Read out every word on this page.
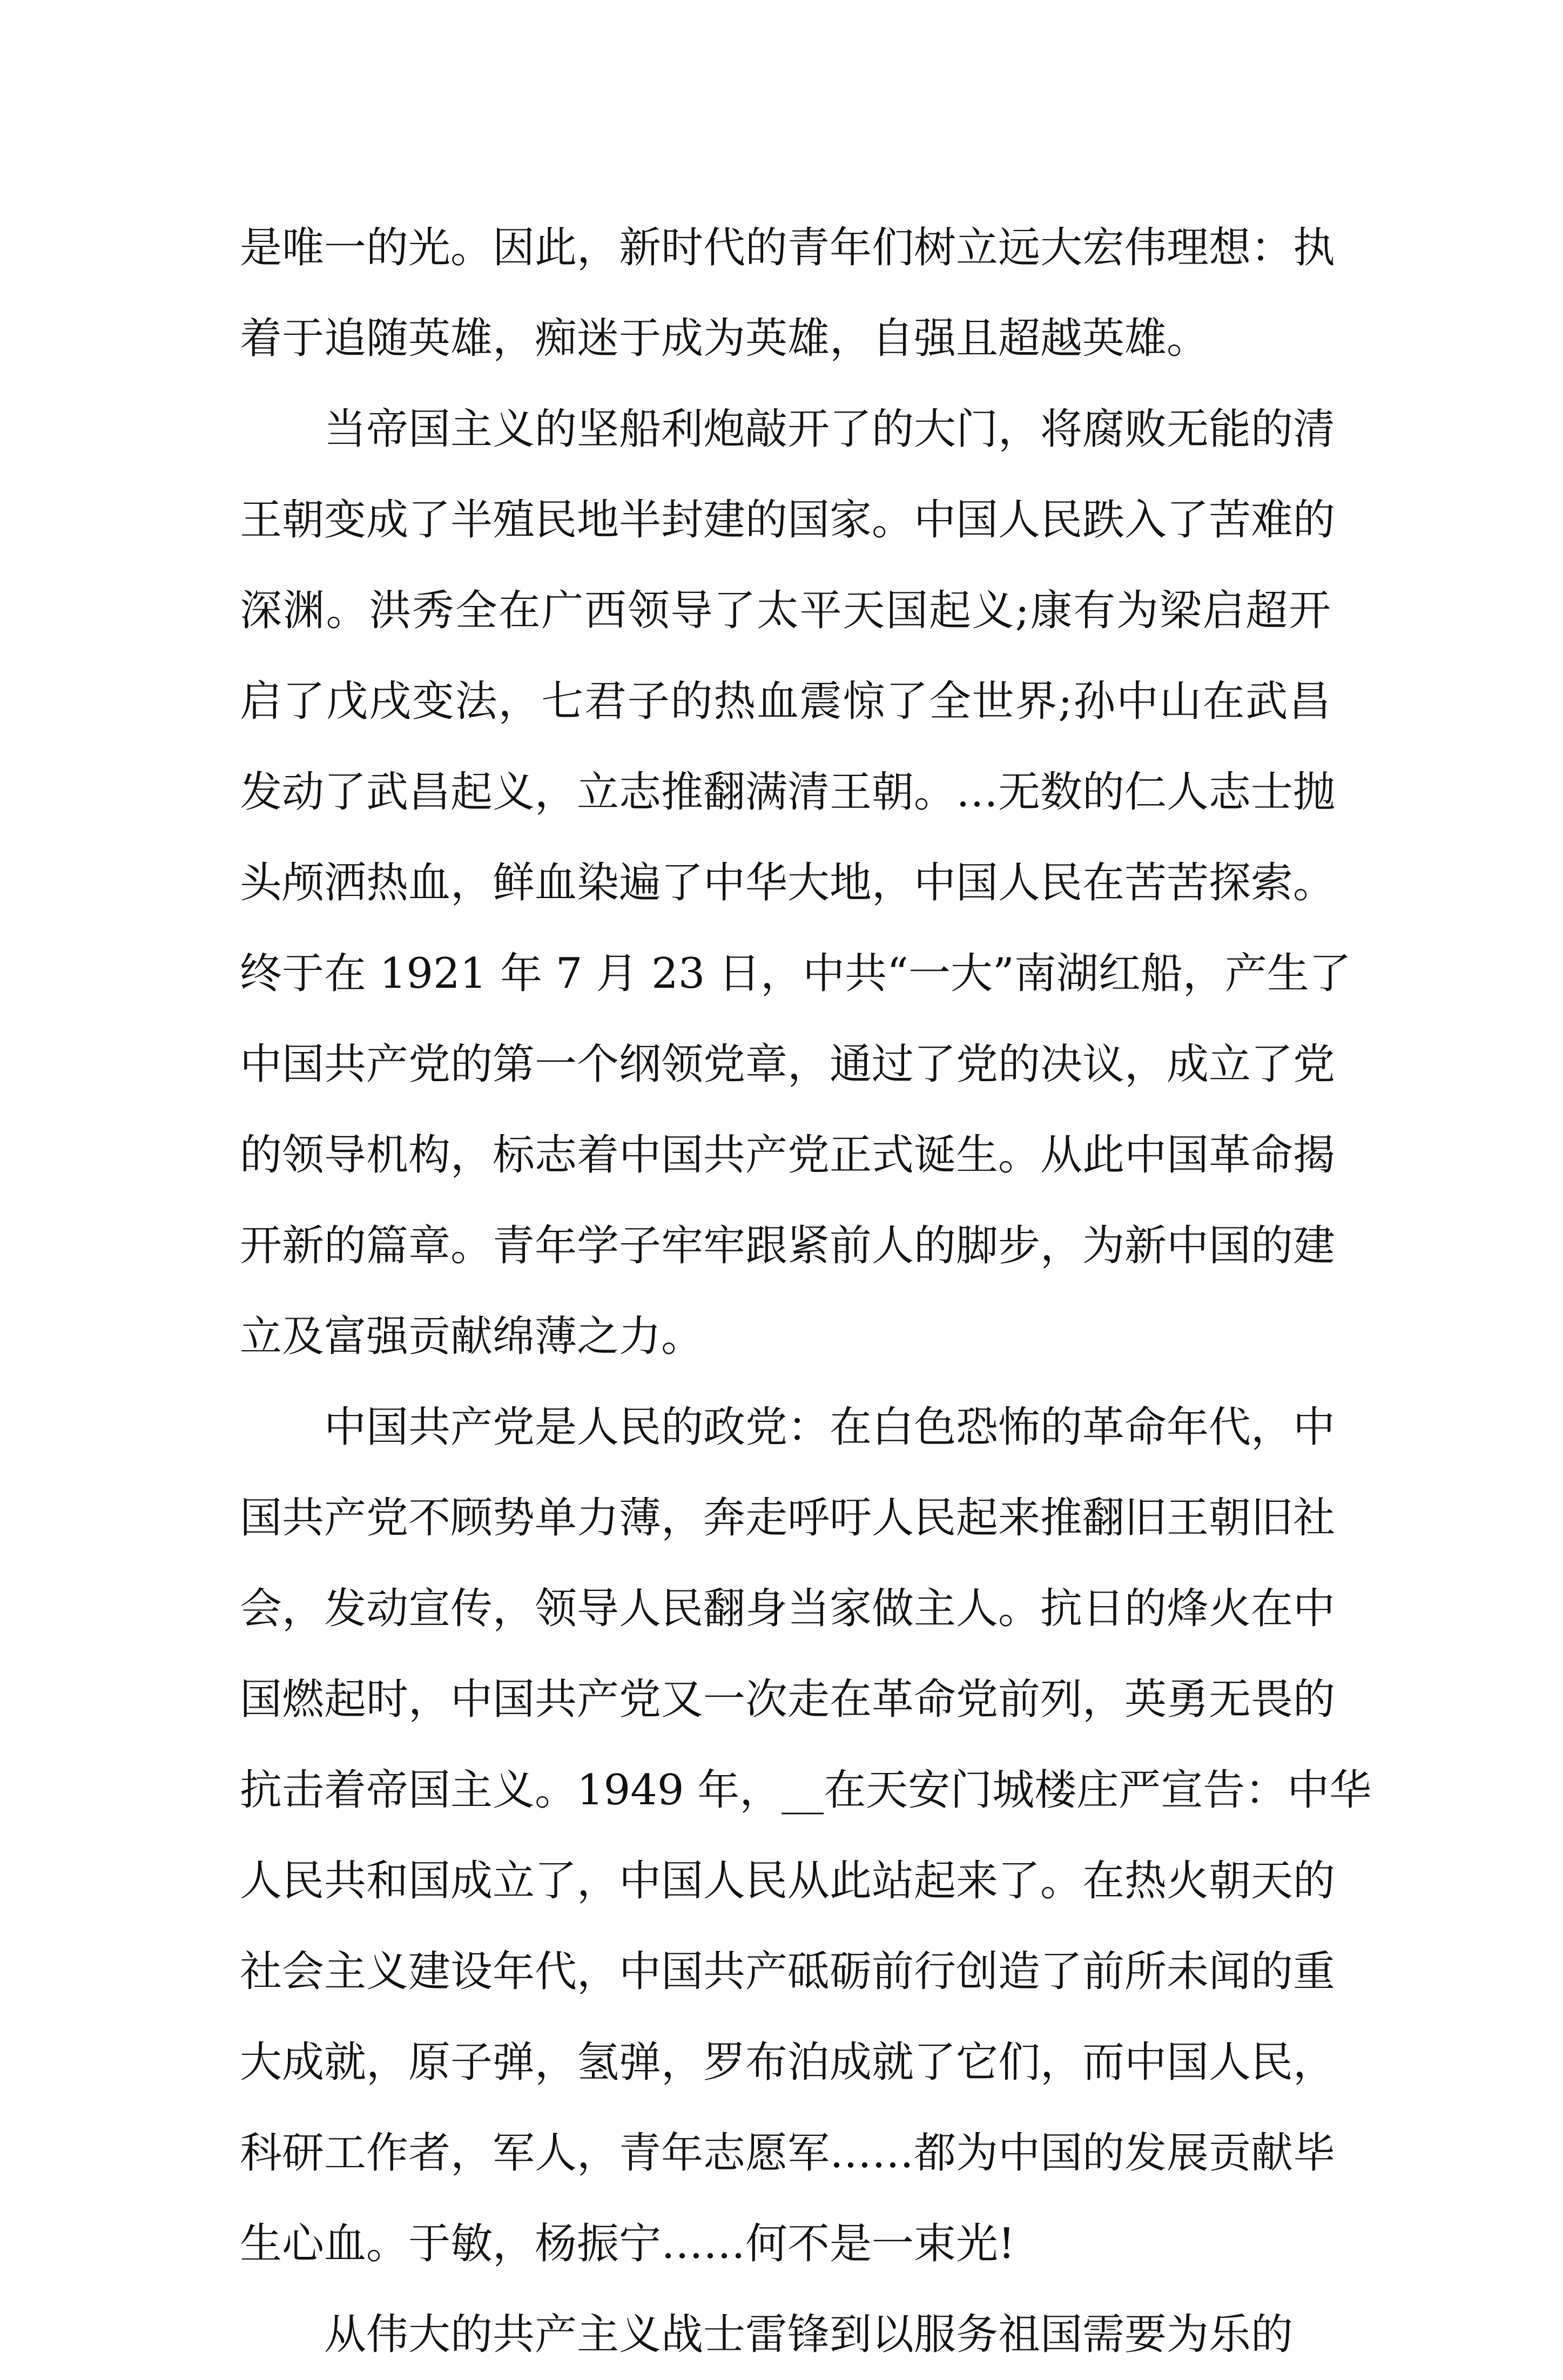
是唯一的光。因此，新时代的青年们树立远大宏伟理想：执
着于追随英雄，痴迷于成为英雄，自强且超越英雄。
当帝国主义的坚船利炮敲开了的大门，将腐败无能的清
王朝变成了半殖民地半封建的国家。中国人民跌入了苦难的
深渊。洪秀全在广西领导了太平天国起义;康有为梁启超开
启了戊戌变法，七君子的热血震惊了全世界;孙中山在武昌
发动了武昌起义，立志推翻满清王朝。…无数的仁人志士抛
头颅洒热血，鲜血染遍了中华大地，中国人民在苦苦探索。
终于在 1921 年 7 月 23 日，中共“一大”南湖红船，产生了
中国共产党的第一个纲领党章，通过了党的决议，成立了党
的领导机构，标志着中国共产党正式诞生。从此中国革命揭
开新的篇章。青年学子牢牢跟紧前人的脚步，为新中国的建
立及富强贡献绵薄之力。
中国共产党是人民的政党：在白色恐怖的革命年代，中
国共产党不顾势单力薄，奔走呼吁人民起来推翻旧王朝旧社
会，发动宣传，领导人民翻身当家做主人。抗日的烽火在中
国燃起时，中国共产党又一次走在革命党前列，英勇无畏的
抗击着帝国主义。1949 年，__在天安门城楼庄严宣告：中华
人民共和国成立了，中国人民从此站起来了。在热火朝天的
社会主义建设年代，中国共产砥砺前行创造了前所未闻的重
大成就，原子弹，氢弹，罗布泊成就了它们，而中国人民，
科研工作者，军人，青年志愿军……都为中国的发展贡献毕
生心血。于敏，杨振宁……何不是一束光!
从伟大的共产主义战士雷锋到以服务祖国需要为乐的
